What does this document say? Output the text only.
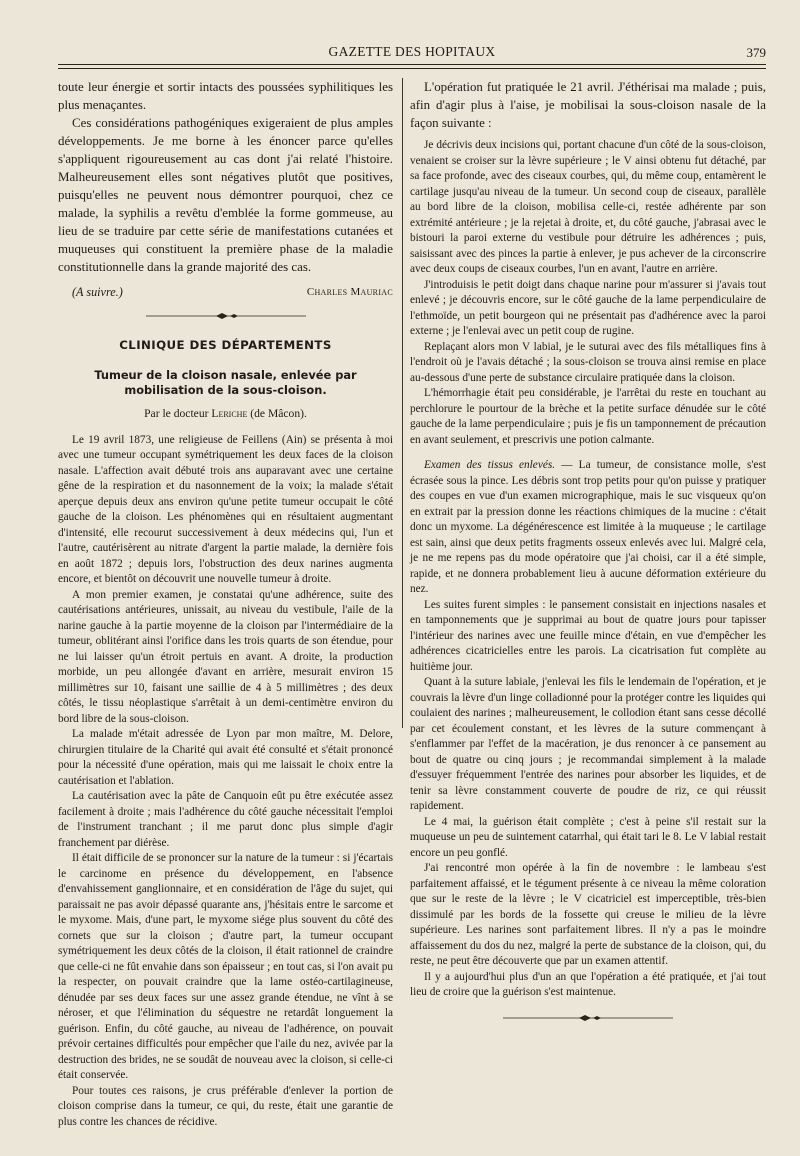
GAZETTE DES HOPITAUX	379

toute leur énergie et sortir intacts des poussées syphilitiques les plus menaçantes.

Ces considérations pathogéniques exigeraient de plus amples développements. Je me borne à les énoncer parce qu'elles s'appliquent rigoureusement au cas dont j'ai relaté l'histoire. Malheureusement elles sont négatives plutôt que positives, puisqu'elles ne peuvent nous démontrer pourquoi, chez ce malade, la syphilis a revêtu d'emblée la forme gommeuse, au lieu de se traduire par cette série de manifestations cutanées et muqueuses qui constituent la première phase de la maladie constitutionnelle dans la grande majorité des cas.

(A suivre.)	Charles Mauriac
CLINIQUE DES DÉPARTEMENTS
Tumeur de la cloison nasale, enlevée par mobilisation de la sous-cloison.
Par le docteur Leriche (de Mâcon).

Le 19 avril 1873, une religieuse de Feillens (Ain) se présenta à moi avec une tumeur occupant symétriquement les deux faces de la cloison nasale. L'affection avait débuté trois ans auparavant avec une certaine gêne de la respiration et du nasonnement de la voix; la malade s'était aperçue depuis deux ans environ qu'une petite tumeur occupait le côté gauche de la cloison. Les phénomènes qui en résultaient augmentant d'intensité, elle recourut successivement à deux médecins qui, l'un et l'autre, cautérisèrent au nitrate d'argent la partie malade, la dernière fois en août 1872 ; depuis lors, l'obstruction des deux narines augmenta encore, et bientôt on découvrit une nouvelle tumeur à droite.

A mon premier examen, je constatai qu'une adhérence, suite des cautérisations antérieures, unissait, au niveau du vestibule, l'aile de la narine gauche à la partie moyenne de la cloison par l'intermédiaire de la tumeur, oblitérant ainsi l'orifice dans les trois quarts de son étendue, pour ne lui laisser qu'un étroit pertuis en avant. A droite, la production morbide, un peu allongée d'avant en arrière, mesurait environ 15 millimètres sur 10, faisant une saillie de 4 à 5 millimètres ; des deux côtés, le tissu néoplastique s'arrêtait à un demi-centimètre environ du bord libre de la sous-cloison.

La malade m'était adressée de Lyon par mon maître, M. Delore, chirurgien titulaire de la Charité qui avait été consulté et s'était prononcé pour la nécessité d'une opération, mais qui me laissait le choix entre la cautérisation et l'ablation.

La cautérisation avec la pâte de Canquoin eût pu être exécutée assez facilement à droite ; mais l'adhérence du côté gauche nécessitait l'emploi de l'instrument tranchant ; il me parut donc plus simple d'agir franchement par diérèse.

Il était difficile de se prononcer sur la nature de la tumeur : si j'écartais le carcinome en présence du développement, en l'absence d'envahissement ganglionnaire, et en considération de l'âge du sujet, qui paraissait ne pas avoir dépassé quarante ans, j'hésitais entre le sarcome et le myxome. Mais, d'une part, le myxome siége plus souvent du côté des cornets que sur la cloison ; d'autre part, la tumeur occupant symétriquement les deux côtés de la cloison, il était rationnel de craindre que celle-ci ne fût envahie dans son épaisseur ; en tout cas, si l'on avait pu la respecter, on pouvait craindre que la lame ostéo-cartilagineuse, dénudée par ses deux faces sur une assez grande étendue, ne vînt à se néroser, et que l'élimination du séquestre ne retardât longuement la guérison. Enfin, du côté gauche, au niveau de l'adhérence, on pouvait prévoir certaines difficultés pour empêcher que l'aile du nez, avivée par la destruction des brides, ne se soudât de nouveau avec la cloison, si celle-ci était conservée.

Pour toutes ces raisons, je crus préférable d'enlever la portion de cloison comprise dans la tumeur, ce qui, du reste, était une garantie de plus contre les chances de récidive.

L'opération fut pratiquée le 21 avril. J'éthérisai ma malade ; puis, afin d'agir plus à l'aise, je mobilisai la sous-cloison nasale de la façon suivante :

Je décrivis deux incisions qui, portant chacune d'un côté de la sous-cloison, venaient se croiser sur la lèvre supérieure ; le V ainsi obtenu fut détaché, par sa face profonde, avec des ciseaux courbes, qui, du même coup, entamèrent le cartilage jusqu'au niveau de la tumeur. Un second coup de ciseaux, parallèle au bord libre de la cloison, mobilisa celle-ci, restée adhérente par son extrémité antérieure ; je la rejetai à droite, et, du côté gauche, j'abrasai avec le bistouri la paroi externe du vestibule pour détruire les adhérences ; puis, saisissant avec des pinces la partie à enlever, je pus achever de la circonscrire avec deux coups de ciseaux courbes, l'un en avant, l'autre en arrière.

J'introduisis le petit doigt dans chaque narine pour m'assurer si j'avais tout enlevé ; je découvris encore, sur le côté gauche de la lame perpendiculaire de l'ethmoïde, un petit bourgeon qui ne présentait pas d'adhérence avec la paroi externe ; je l'enlevai avec un petit coup de rugine.

Replaçant alors mon V labial, je le suturai avec des fils métalliques fins à l'endroit où je l'avais détaché ; la sous-cloison se trouva ainsi remise en place au-dessous d'une perte de substance circulaire pratiquée dans la cloison.

L'hémorrhagie était peu considérable, je l'arrêtai du reste en touchant au perchlorure le pourtour de la brèche et la petite surface dénudée sur le côté gauche de la lame perpendiculaire ; puis je fis un tamponnement de précaution en avant seulement, et prescrivis une potion calmante.

Examen des tissus enlevés. — La tumeur, de consistance molle, s'est écrasée sous la pince. Les débris sont trop petits pour qu'on puisse y pratiquer des coupes en vue d'un examen micrographique, mais le suc visqueux qu'on en extrait par la pression donne les réactions chimiques de la mucine : c'était donc un myxome. La dégénérescence est limitée à la muqueuse ; le cartilage est sain, ainsi que deux petits fragments osseux enlevés avec lui. Malgré cela, je ne me repens pas du mode opératoire que j'ai choisi, car il a été simple, rapide, et ne donnera probablement lieu à aucune déformation extérieure du nez.

Les suites furent simples : le pansement consistait en injections nasales et en tamponnements que je supprimai au bout de quatre jours pour tapisser l'intérieur des narines avec une feuille mince d'étain, en vue d'empêcher les adhérences cicatricielles entre les parois. La cicatrisation fut complète au huitième jour.

Quant à la suture labiale, j'enlevai les fils le lendemain de l'opération, et je couvrais la lèvre d'un linge colladionné pour la protéger contre les liquides qui coulaient des narines ; malheureusement, le collodion étant sans cesse décollé par cet écoulement constant, et les lèvres de la suture commençant à s'enflammer par l'effet de la macération, je dus renoncer à ce pansement au bout de quatre ou cinq jours ; je recommandai simplement à la malade d'essuyer fréquemment l'entrée des narines pour absorber les liquides, et de tenir sa lèvre constamment couverte de poudre de riz, ce qui réussit rapidement.

Le 4 mai, la guérison était complète ; c'est à peine s'il restait sur la muqueuse un peu de suintement catarrhal, qui était tari le 8. Le V labial restait encore un peu gonflé.

J'ai rencontré mon opérée à la fin de novembre : le lambeau s'est parfaitement affaissé, et le tégument présente à ce niveau la même coloration que sur le reste de la lèvre ; le V cicatriciel est imperceptible, très-bien dissimulé par les bords de la fossette qui creuse le milieu de la lèvre supérieure. Les narines sont parfaitement libres. Il n'y a pas le moindre affaissement du dos du nez, malgré la perte de substance de la cloison, qui, du reste, ne peut être découverte que par un examen attentif.

Il y a aujourd'hui plus d'un an que l'opération a été pratiquée, et j'ai tout lieu de croire que la guérison s'est maintenue.
